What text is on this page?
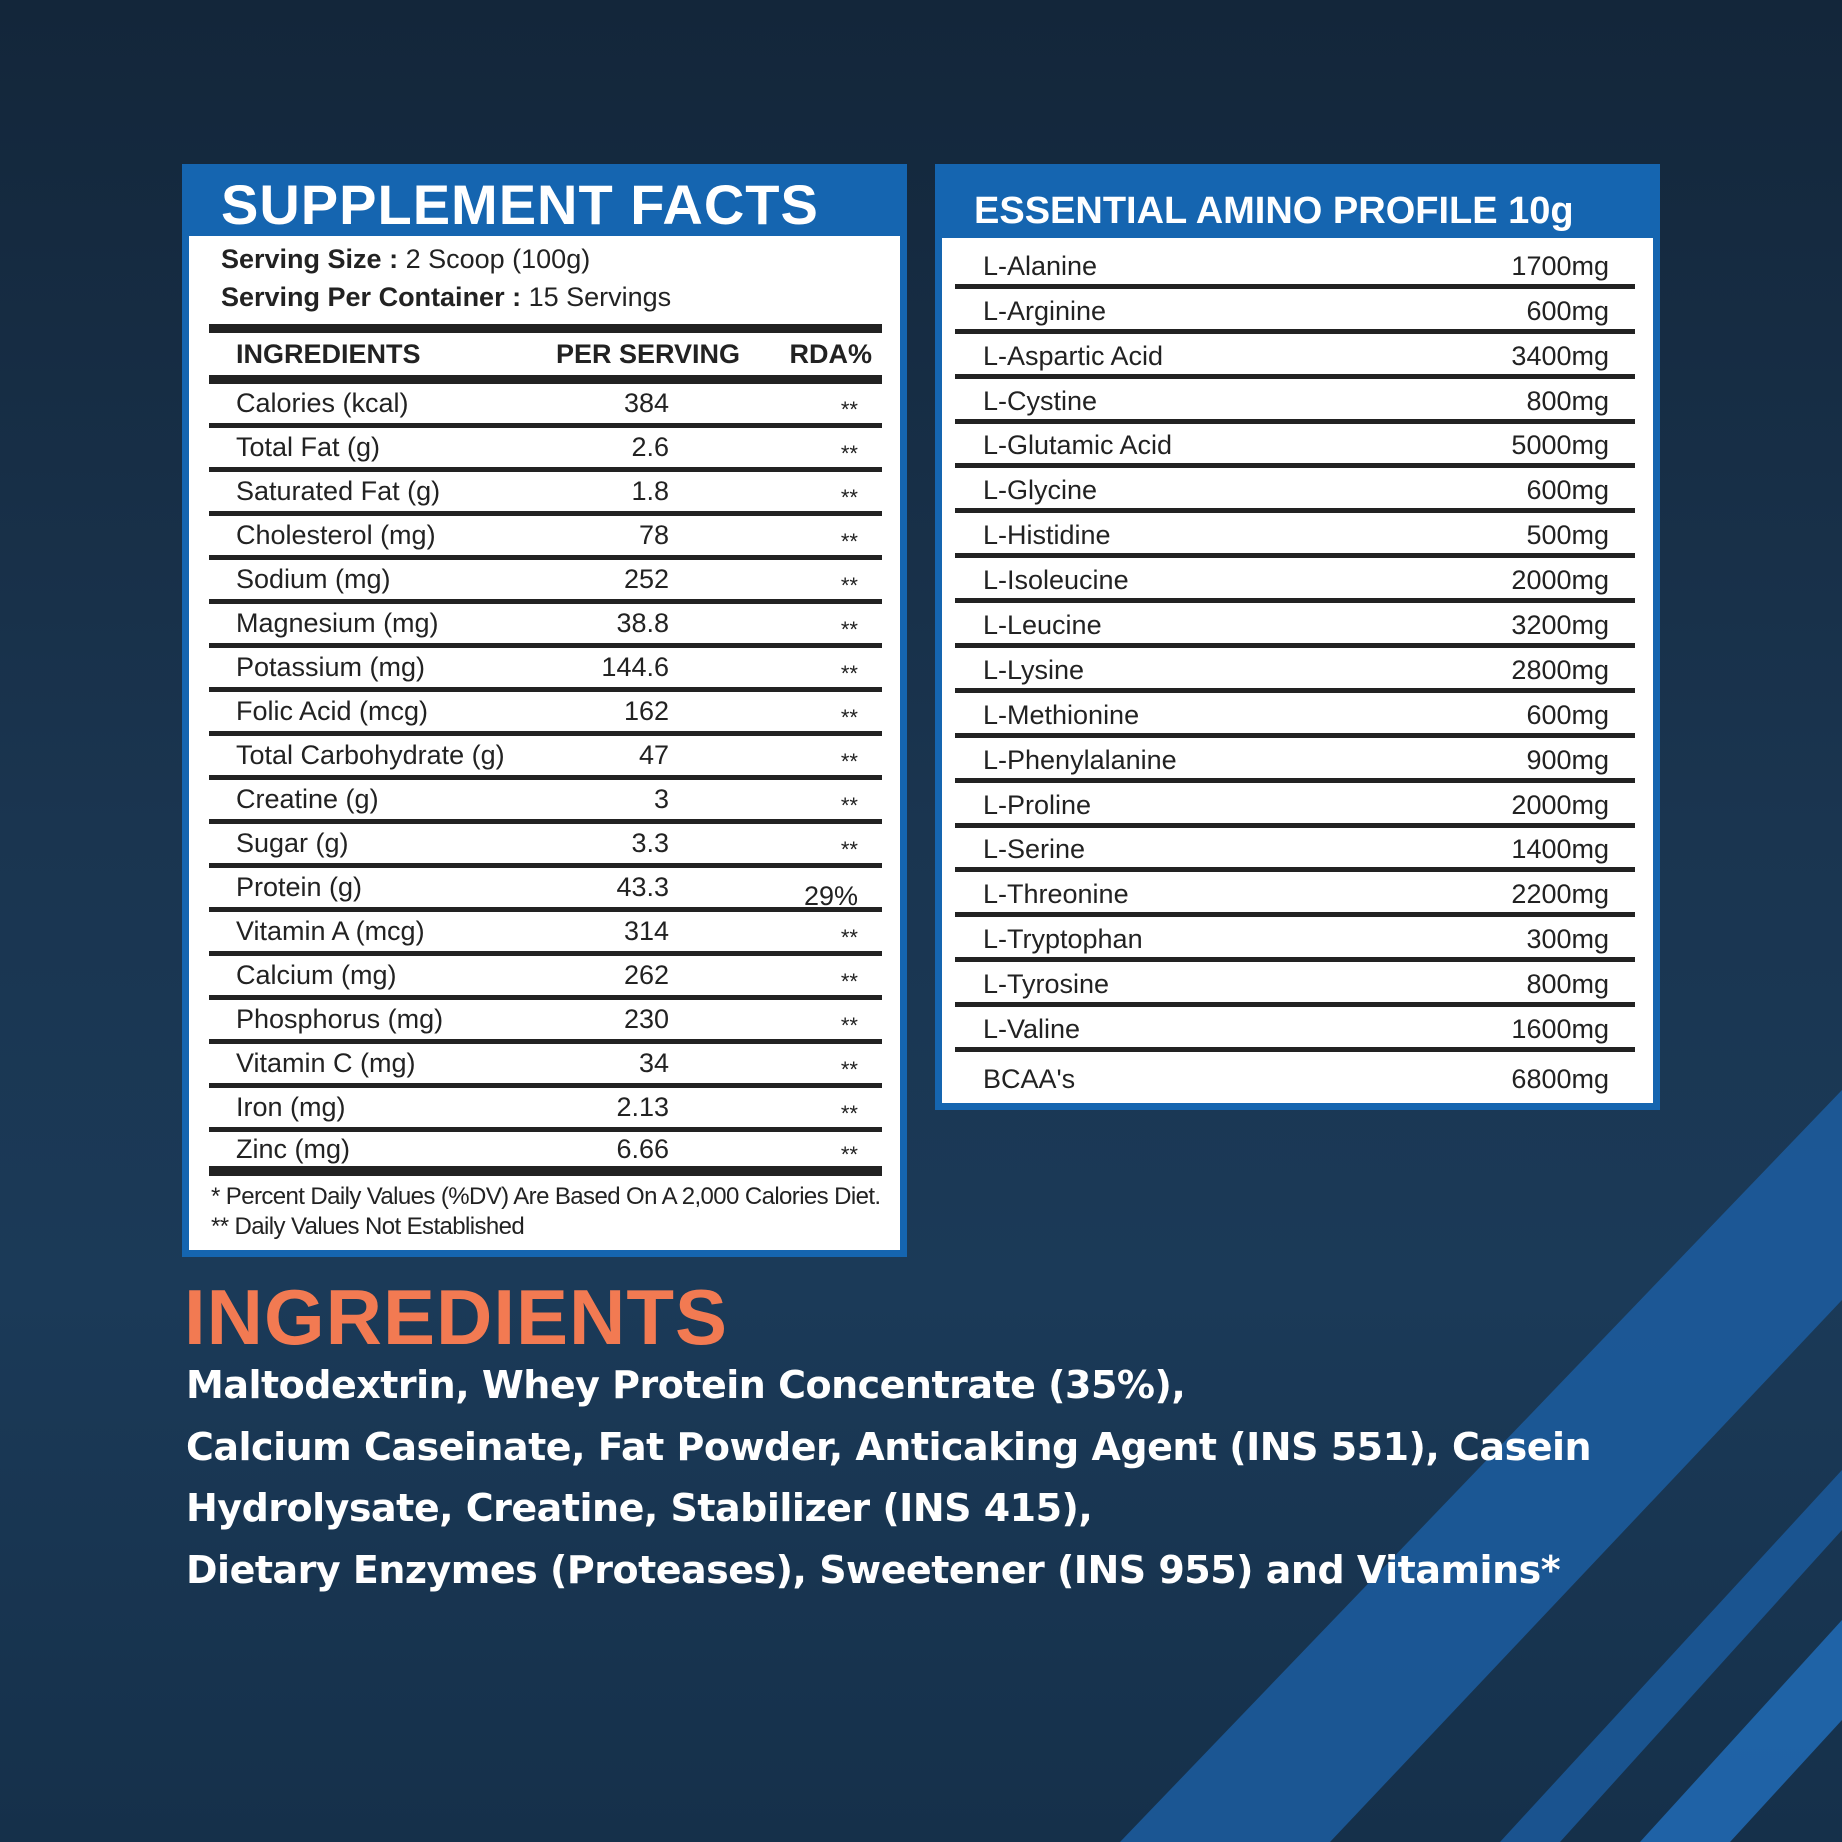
SUPPLEMENT FACTS
Serving Size : 2 Scoop (100g)
Serving Per Container : 15 Servings
INGREDIENTS	PER SERVING	RDA%
Calories (kcal)	384	**
Total Fat (g)	2.6	**
Saturated Fat (g)	1.8	**
Cholesterol (mg)	78	**
Sodium (mg)	252	**
Magnesium (mg)	38.8	**
Potassium (mg)	144.6	**
Folic Acid (mcg)	162	**
Total Carbohydrate (g)	47	**
Creatine (g)	3	**
Sugar (g)	3.3	**
Protein (g)	43.3	29%
Vitamin A (mcg)	314	**
Calcium (mg)	262	**
Phosphorus (mg)	230	**
Vitamin C (mg)	34	**
Iron (mg)	2.13	**
Zinc (mg)	6.66	**
* Percent Daily Values (%DV) Are Based On A 2,000 Calories Diet.
** Daily Values Not Established
ESSENTIAL AMINO PROFILE 10g
L-Alanine	1700mg
L-Arginine	600mg
L-Aspartic Acid	3400mg
L-Cystine	800mg
L-Glutamic Acid	5000mg
L-Glycine	600mg
L-Histidine	500mg
L-Isoleucine	2000mg
L-Leucine	3200mg
L-Lysine	2800mg
L-Methionine	600mg
L-Phenylalanine	900mg
L-Proline	2000mg
L-Serine	1400mg
L-Threonine	2200mg
L-Tryptophan	300mg
L-Tyrosine	800mg
L-Valine	1600mg
BCAA's	6800mg
INGREDIENTS
Maltodextrin, Whey Protein Concentrate (35%),
Calcium Caseinate, Fat Powder, Anticaking Agent (INS 551), Casein
Hydrolysate, Creatine, Stabilizer (INS 415),
Dietary Enzymes (Proteases), Sweetener (INS 955) and Vitamins*
